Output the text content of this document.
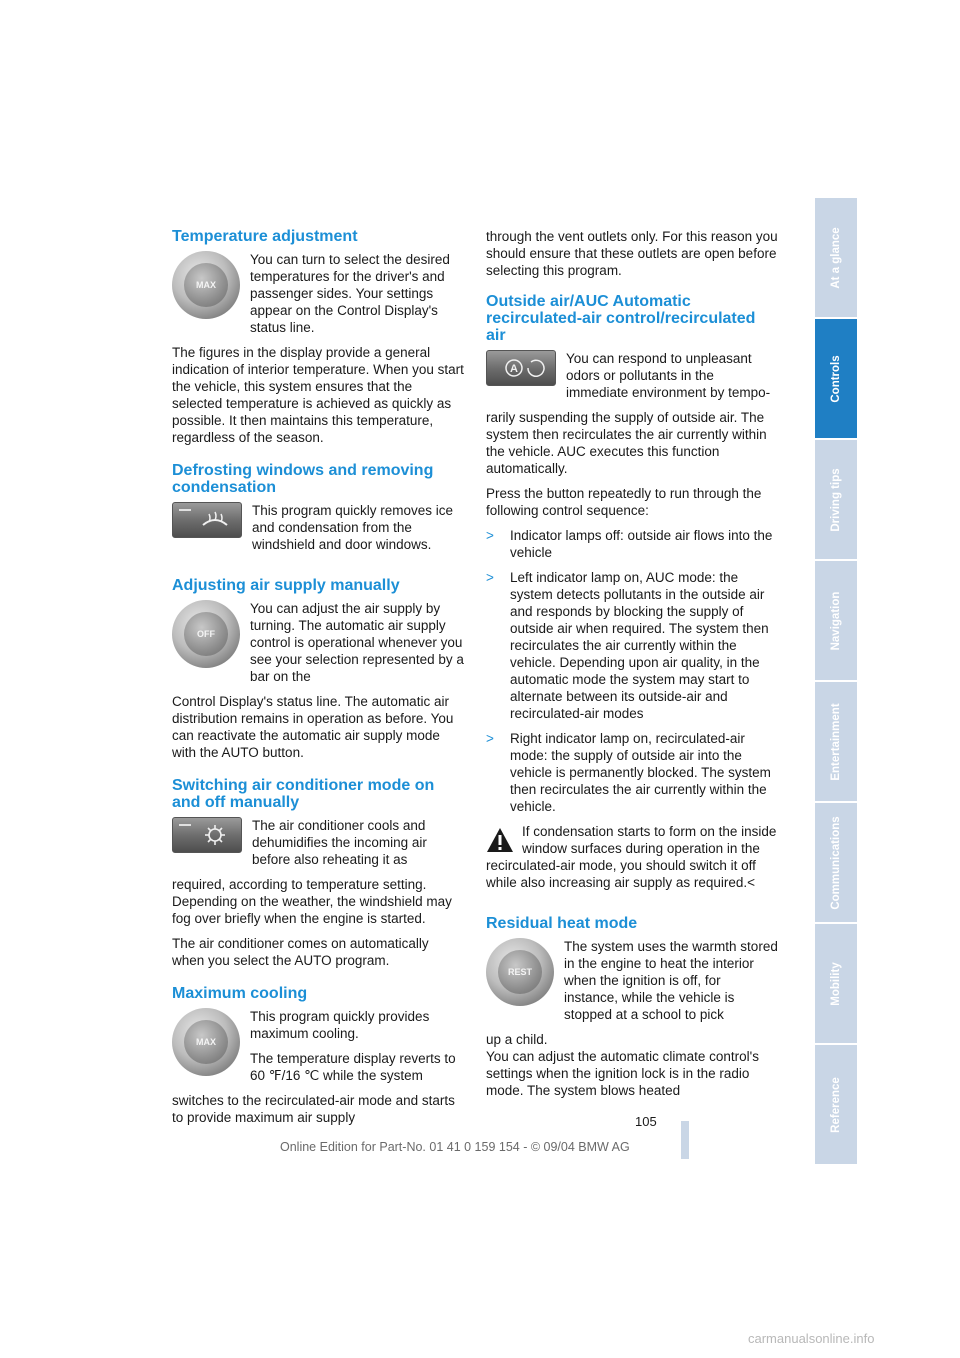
Temperature adjustment
MAX

You can turn to select the desired temperatures for the driver's and passenger sides. Your settings appear on the Control Display's status line.

The figures in the display provide a general indication of interior temperature. When you start the vehicle, this system ensures that the selected temperature is achieved as quickly as possible. It then maintains this temperature, regardless of the season.

Defrosting windows and removing condensation

This program quickly removes ice and condensation from the windshield and door windows.

Adjusting air supply manually
OFF

You can adjust the air supply by turning. The automatic air supply control is operational whenever you see your selection represented by a bar on the

Control Display's status line. The automatic air distribution remains in operation as before. You can reactivate the automatic air supply mode with the AUTO button.

Switching air conditioner mode on and off manually

The air conditioner cools and dehumidifies the incoming air before also reheating it as

required, according to temperature setting. Depending on the weather, the windshield may fog over briefly when the engine is started.

The air conditioner comes on automatically when you select the AUTO program.

Maximum cooling
MAX

This program quickly provides maximum cooling.

The temperature display reverts to 60 ℉/16 ℃ while the system

switches to the recirculated-air mode and starts to provide maximum air supply

through the vent outlets only. For this reason you should ensure that these outlets are open before selecting this program.

Outside air/AUC Automatic recirculated-air control/recirculated air
A

You can respond to unpleasant odors or pollutants in the immediate environment by tempo-

rarily suspending the supply of outside air. The system then recirculates the air currently within the vehicle. AUC executes this function automatically.

Press the button repeatedly to run through the following control sequence:

> Indicator lamps off: outside air flows into the vehicle
> Left indicator lamp on, AUC mode: the system detects pollutants in the outside air and responds by blocking the supply of outside air when required. The system then recirculates the air currently within the vehicle. Depending upon air quality, in the automatic mode the system may start to alternate between its outside-air and recirculated-air modes
> Right indicator lamp on, recirculated-air mode: the supply of outside air into the vehicle is permanently blocked. The system then recirculates the air currently within the vehicle.

If condensation starts to form on the inside window surfaces during operation in the recirculated-air mode, you should switch it off while also increasing air supply as required.<

Residual heat mode
REST

The system uses the warmth stored in the engine to heat the interior when the ignition is off, for instance, while the vehicle is stopped at a school to pick

up a child.

You can adjust the automatic climate control's settings when the ignition lock is in the radio mode. The system blows heated

At a glance
Controls
Driving tips
Navigation
Entertainment
Communications
Mobility
Reference
105
Online Edition for Part-No. 01 41 0 159 154 - © 09/04 BMW AG
carmanualsonline.info
